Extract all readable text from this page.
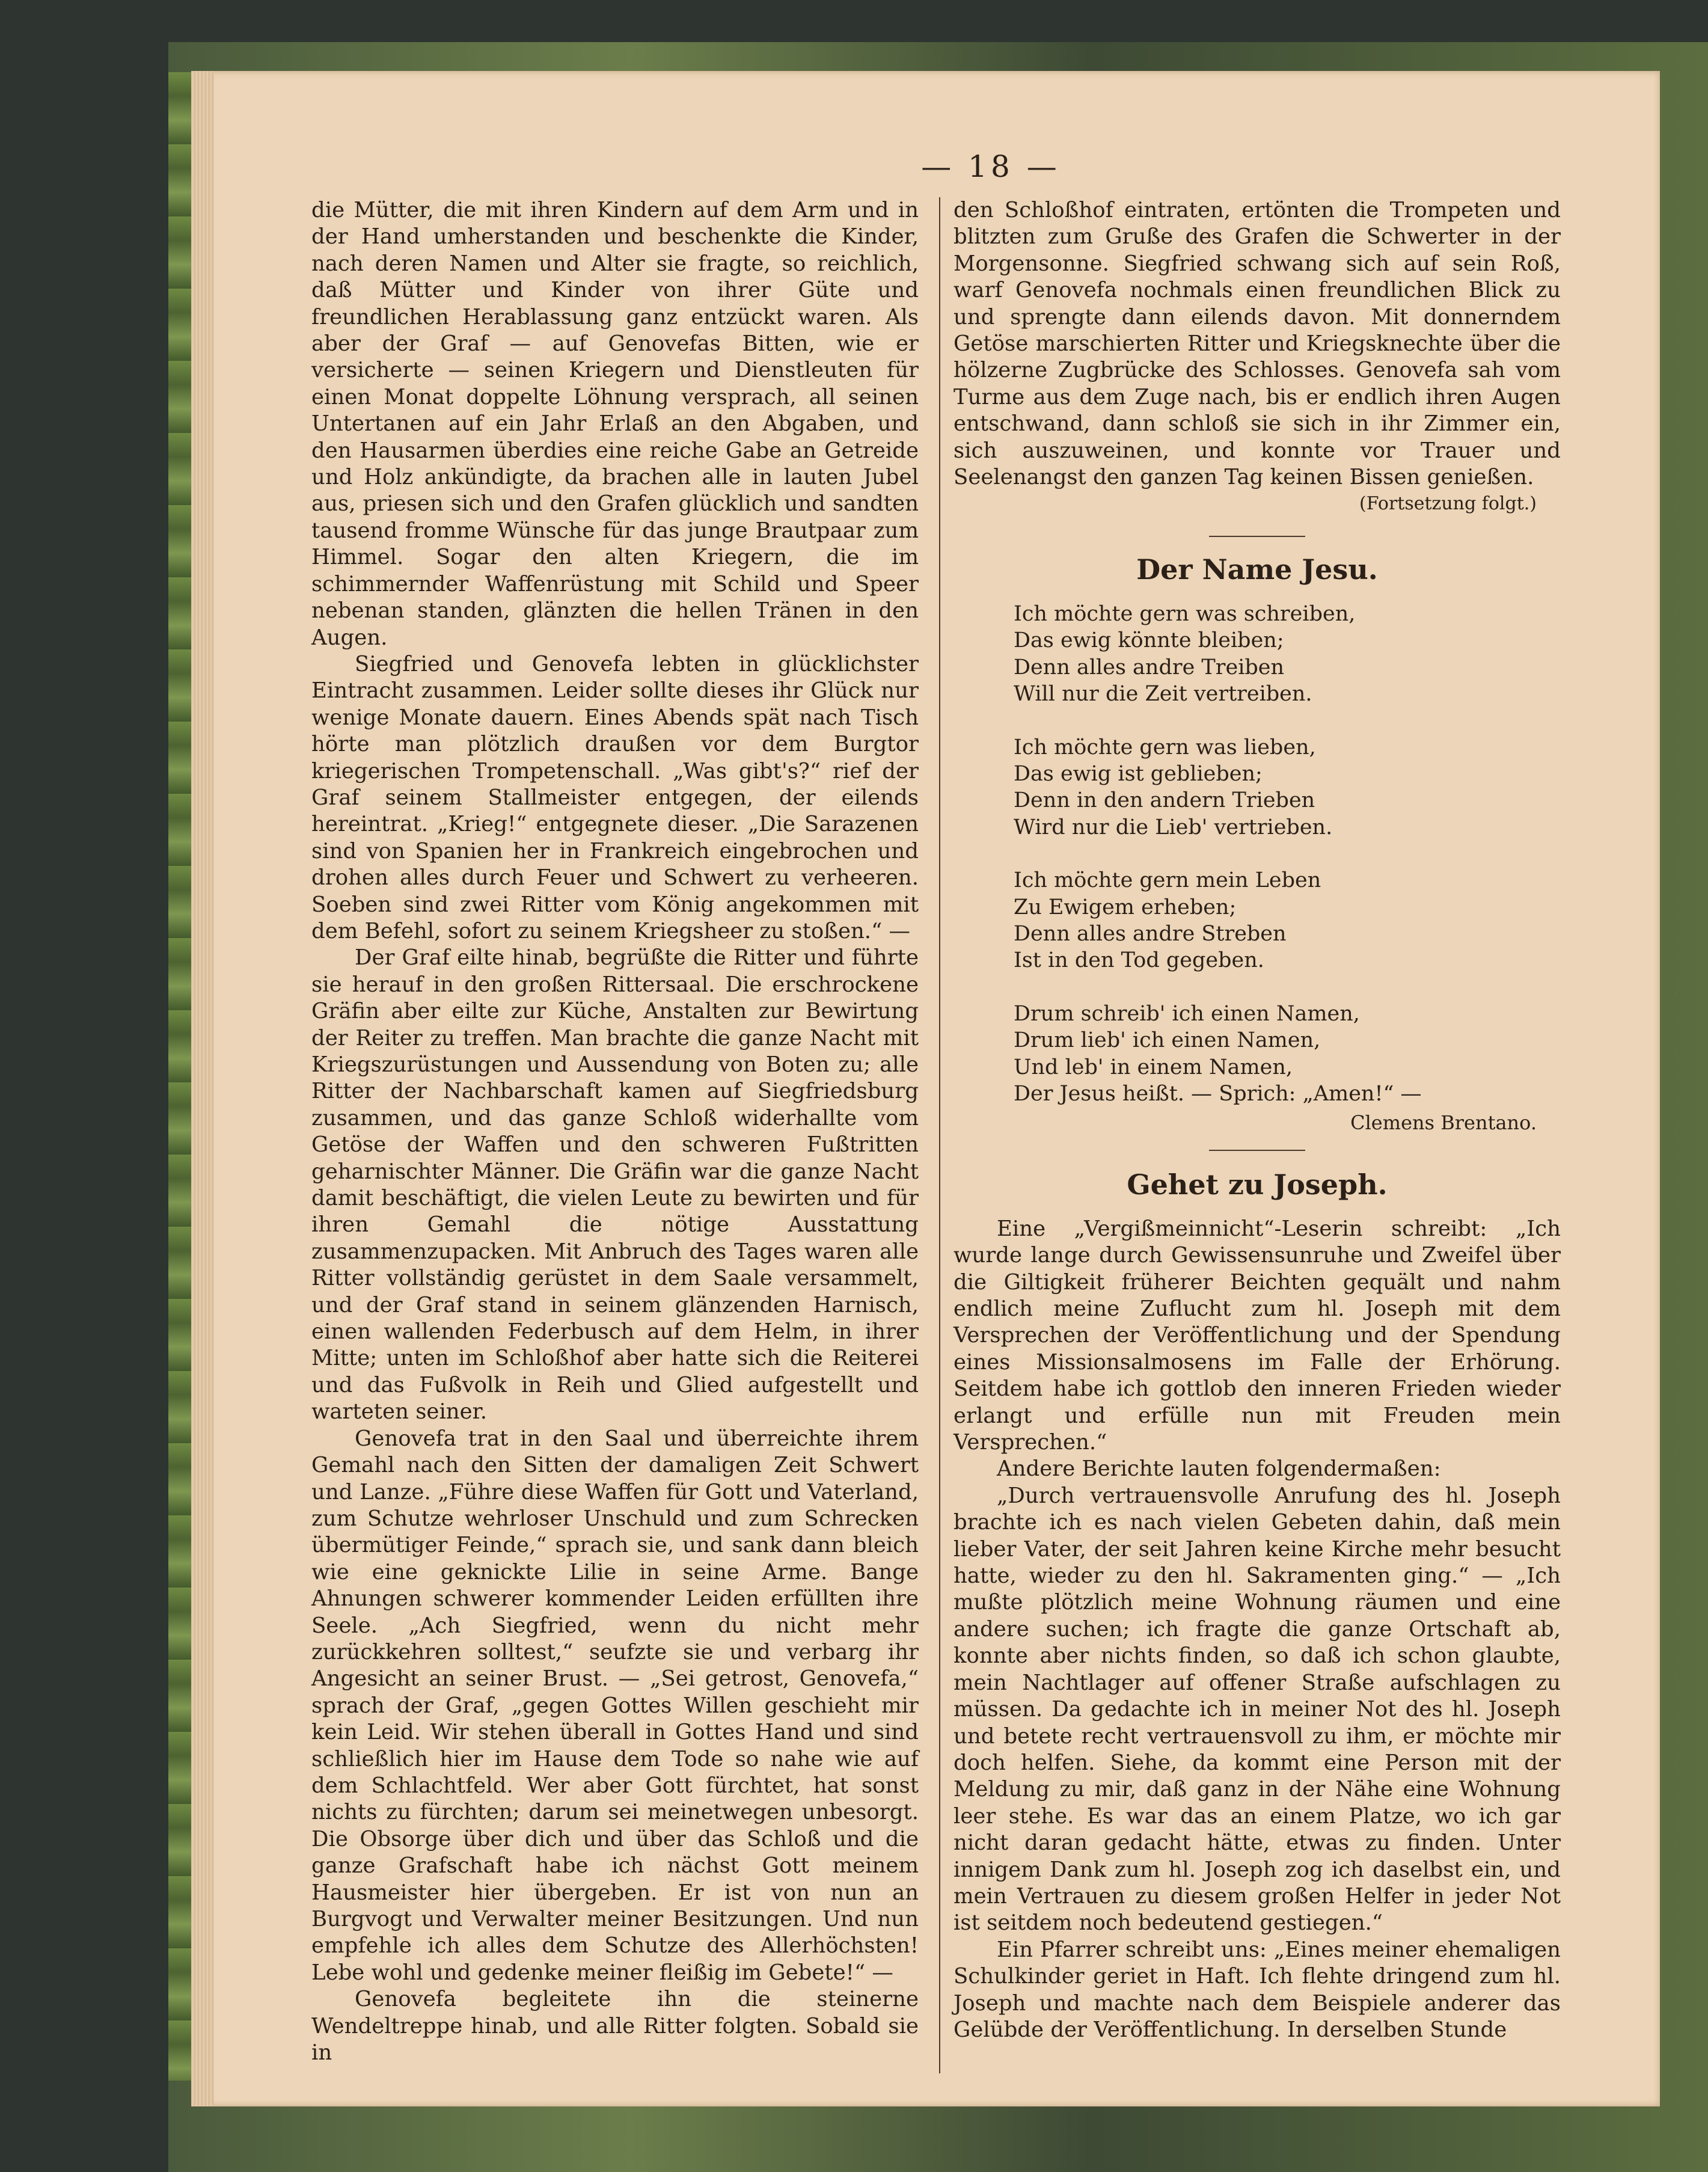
— 18 —

die Mütter, die mit ihren Kindern auf dem Arm und in der Hand umherstanden und beschenkte die Kinder, nach deren Namen und Alter sie fragte, so reichlich, daß Mütter und Kinder von ihrer Güte und freundlichen Herablassung ganz entzückt waren. Als aber der Graf — auf Genovefas Bitten, wie er versicherte — seinen Kriegern und Dienstleuten für einen Monat doppelte Löhnung versprach, all seinen Untertanen auf ein Jahr Erlaß an den Abgaben, und den Hausarmen überdies eine reiche Gabe an Getreide und Holz ankündigte, da brachen alle in lauten Jubel aus, priesen sich und den Grafen glücklich und sandten tausend fromme Wünsche für das junge Brautpaar zum Himmel. Sogar den alten Kriegern, die im schimmernder Waffenrüstung mit Schild und Speer nebenan standen, glänzten die hellen Tränen in den Augen.

Siegfried und Genovefa lebten in glücklichster Eintracht zusammen. Leider sollte dieses ihr Glück nur wenige Monate dauern. Eines Abends spät nach Tisch hörte man plötzlich draußen vor dem Burgtor kriegerischen Trompetenschall. „Was gibt's?“ rief der Graf seinem Stallmeister entgegen, der eilends hereintrat. „Krieg!“ entgegnete dieser. „Die Sarazenen sind von Spanien her in Frankreich eingebrochen und drohen alles durch Feuer und Schwert zu verheeren. Soeben sind zwei Ritter vom König angekommen mit dem Befehl, sofort zu seinem Kriegsheer zu stoßen.“ —

Der Graf eilte hinab, begrüßte die Ritter und führte sie herauf in den großen Rittersaal. Die erschrockene Gräfin aber eilte zur Küche, Anstalten zur Bewirtung der Reiter zu treffen. Man brachte die ganze Nacht mit Kriegszurüstungen und Aussendung von Boten zu; alle Ritter der Nachbarschaft kamen auf Siegfriedsburg zusammen, und das ganze Schloß widerhallte vom Getöse der Waffen und den schweren Fußtritten geharnischter Männer. Die Gräfin war die ganze Nacht damit beschäftigt, die vielen Leute zu bewirten und für ihren Gemahl die nötige Ausstattung zusammenzupacken. Mit Anbruch des Tages waren alle Ritter vollständig gerüstet in dem Saale versammelt, und der Graf stand in seinem glänzenden Harnisch, einen wallenden Federbusch auf dem Helm, in ihrer Mitte; unten im Schloßhof aber hatte sich die Reiterei und das Fußvolk in Reih und Glied aufgestellt und warteten seiner.

Genovefa trat in den Saal und überreichte ihrem Gemahl nach den Sitten der damaligen Zeit Schwert und Lanze. „Führe diese Waffen für Gott und Vaterland, zum Schutze wehrloser Unschuld und zum Schrecken übermütiger Feinde,“ sprach sie, und sank dann bleich wie eine geknickte Lilie in seine Arme. Bange Ahnungen schwerer kommender Leiden erfüllten ihre Seele. „Ach Siegfried, wenn du nicht mehr zurückkehren solltest,“ seufzte sie und verbarg ihr Angesicht an seiner Brust. — „Sei getrost, Genovefa,“ sprach der Graf, „gegen Gottes Willen geschieht mir kein Leid. Wir stehen überall in Gottes Hand und sind schließlich hier im Hause dem Tode so nahe wie auf dem Schlachtfeld. Wer aber Gott fürchtet, hat sonst nichts zu fürchten; darum sei meinetwegen unbesorgt. Die Obsorge über dich und über das Schloß und die ganze Grafschaft habe ich nächst Gott meinem Hausmeister hier übergeben. Er ist von nun an Burgvogt und Verwalter meiner Besitzungen. Und nun empfehle ich alles dem Schutze des Allerhöchsten! Lebe wohl und gedenke meiner fleißig im Gebete!“ —

Genovefa begleitete ihn die steinerne Wendeltreppe hinab, und alle Ritter folgten. Sobald sie in

den Schloßhof eintraten, ertönten die Trompeten und blitzten zum Gruße des Grafen die Schwerter in der Morgensonne. Siegfried schwang sich auf sein Roß, warf Genovefa nochmals einen freundlichen Blick zu und sprengte dann eilends davon. Mit donnerndem Getöse marschierten Ritter und Kriegsknechte über die hölzerne Zugbrücke des Schlosses. Genovefa sah vom Turme aus dem Zuge nach, bis er endlich ihren Augen entschwand, dann schloß sie sich in ihr Zimmer ein, sich auszuweinen, und konnte vor Trauer und Seelenangst den ganzen Tag keinen Bissen genießen.

(Fortsetzung folgt.)
Der Name Jesu.
Ich möchte gern was schreiben,
Das ewig könnte bleiben;
Denn alles andre Treiben
Will nur die Zeit vertreiben.
Ich möchte gern was lieben,
Das ewig ist geblieben;
Denn in den andern Trieben
Wird nur die Lieb' vertrieben.
Ich möchte gern mein Leben
Zu Ewigem erheben;
Denn alles andre Streben
Ist in den Tod gegeben.
Drum schreib' ich einen Namen,
Drum lieb' ich einen Namen,
Und leb' in einem Namen,
Der Jesus heißt. — Sprich: „Amen!“ —
Clemens Brentano.
Gehet zu Joseph.

Eine „Vergißmeinnicht“-Leserin schreibt: „Ich wurde lange durch Gewissensunruhe und Zweifel über die Giltigkeit früherer Beichten gequält und nahm endlich meine Zuflucht zum hl. Joseph mit dem Versprechen der Veröffentlichung und der Spendung eines Missionsalmosens im Falle der Erhörung. Seitdem habe ich gottlob den inneren Frieden wieder erlangt und erfülle nun mit Freuden mein Versprechen.“

Andere Berichte lauten folgendermaßen:

„Durch vertrauensvolle Anrufung des hl. Joseph brachte ich es nach vielen Gebeten dahin, daß mein lieber Vater, der seit Jahren keine Kirche mehr besucht hatte, wieder zu den hl. Sakramenten ging.“ — „Ich mußte plötzlich meine Wohnung räumen und eine andere suchen; ich fragte die ganze Ortschaft ab, konnte aber nichts finden, so daß ich schon glaubte, mein Nachtlager auf offener Straße aufschlagen zu müssen. Da gedachte ich in meiner Not des hl. Joseph und betete recht vertrauensvoll zu ihm, er möchte mir doch helfen. Siehe, da kommt eine Person mit der Meldung zu mir, daß ganz in der Nähe eine Wohnung leer stehe. Es war das an einem Platze, wo ich gar nicht daran gedacht hätte, etwas zu finden. Unter innigem Dank zum hl. Joseph zog ich daselbst ein, und mein Vertrauen zu diesem großen Helfer in jeder Not ist seitdem noch bedeutend gestiegen.“

Ein Pfarrer schreibt uns: „Eines meiner ehemaligen Schulkinder geriet in Haft. Ich flehte dringend zum hl. Joseph und machte nach dem Beispiele anderer das Gelübde der Veröffentlichung. In derselben Stunde
